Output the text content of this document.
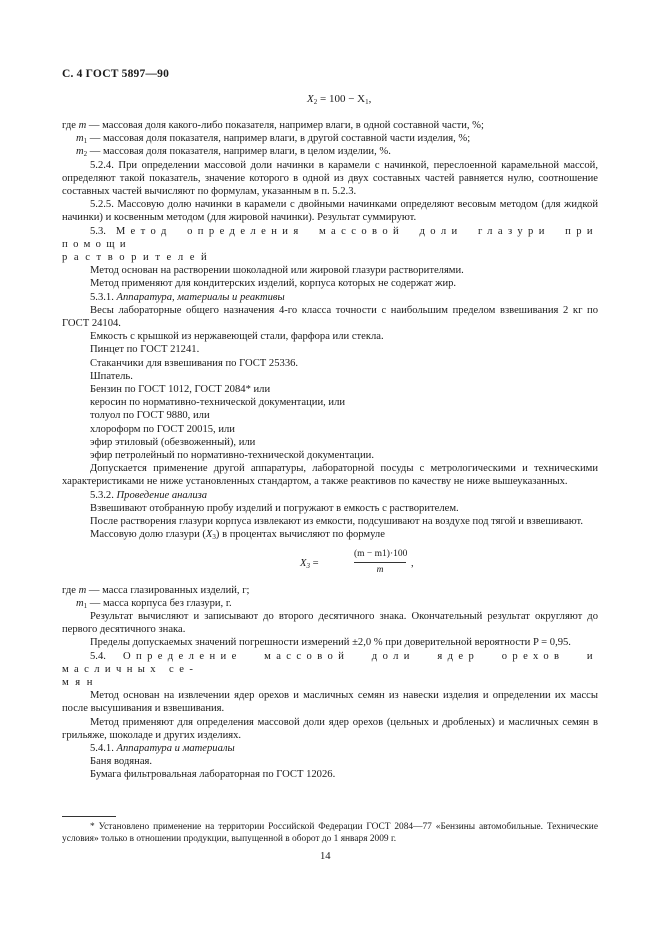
С. 4 ГОСТ 5897—90
$X_2 = 100 - X_1$,
где m — массовая доля какого-либо показателя, например влаги, в одной составной части, %;
$m_1$ — массовая доля показателя, например влаги, в другой составной части изделия, %;
$m_2$ — массовая доля показателя, например влаги, в целом изделии, %.

5.2.4. При определении массовой доли начинки в карамели с начинкой, переслоенной карамельной массой, определяют такой показатель, значение которого в одной из двух составных частей равняется нулю, соотношение составных частей вычисляют по формулам, указанным в п. 5.2.3.

5.2.5. Массовую долю начинки в карамели с двойными начинками определяют весовым методом (для жидкой начинки) и косвенным методом (для жировой начинки). Результат суммируют.

5.3. Метод определения массовой доли глазури при помощи

растворителей

Метод основан на растворении шоколадной или жировой глазури растворителями.

Метод применяют для кондитерских изделий, корпуса которых не содержат жир.

5.3.1. Аппаратура, материалы и реактивы

Весы лабораторные общего назначения 4-го класса точности с наибольшим пределом взвешивания 2 кг по ГОСТ 24104.

Емкость с крышкой из нержавеющей стали, фарфора или стекла.

Пинцет по ГОСТ 21241.

Стаканчики для взвешивания по ГОСТ 25336.

Шпатель.

Бензин по ГОСТ 1012, ГОСТ 2084* или

керосин по нормативно-технической документации, или

толуол по ГОСТ 9880, или

хлороформ по ГОСТ 20015, или

эфир этиловый (обезвоженный), или

эфир петролейный по нормативно-технической документации.

Допускается применение другой аппаратуры, лабораторной посуды с метрологическими и техническими характеристиками не ниже установленных стандартом, а также реактивов по качеству не ниже вышеуказанных.

5.3.2. Проведение анализа

Взвешивают отобранную пробу изделий и погружают в емкость с растворителем.

После растворения глазури корпуса извлекают из емкости, подсушивают на воздухе под тягой и взвешивают.

Массовую долю глазури $(X_3)$ в процентах вычисляют по формуле

$X_3$ =	$\frac{(m - m1)\cdot 100}{m}$ ,
где m — масса глазированных изделий, г;
$m_1$ — масса корпуса без глазури, г.

Результат вычисляют и записывают до второго десятичного знака. Окончательный результат округляют до первого десятичного знака.

Пределы допускаемых значений погрешности измерений ±2,0 % при доверительной вероятности P = 0,95.

5.4. Определение массовой доли ядер орехов и масличных се-

мян

Метод основан на извлечении ядер орехов и масличных семян из навески изделия и определении их массы после высушивания и взвешивания.

Метод применяют для определения массовой доли ядер орехов (цельных и дробленых) и масличных семян в грильяже, шоколаде и других изделиях.

5.4.1. Аппаратура и материалы

Баня водяная.

Бумага фильтровальная лабораторная по ГОСТ 12026.

* Установлено применение на территории Российской Федерации ГОСТ 2084—77 «Бензины автомобильные. Технические условия» только в отношении продукции, выпущенной в оборот до 1 января 2009 г.
14
